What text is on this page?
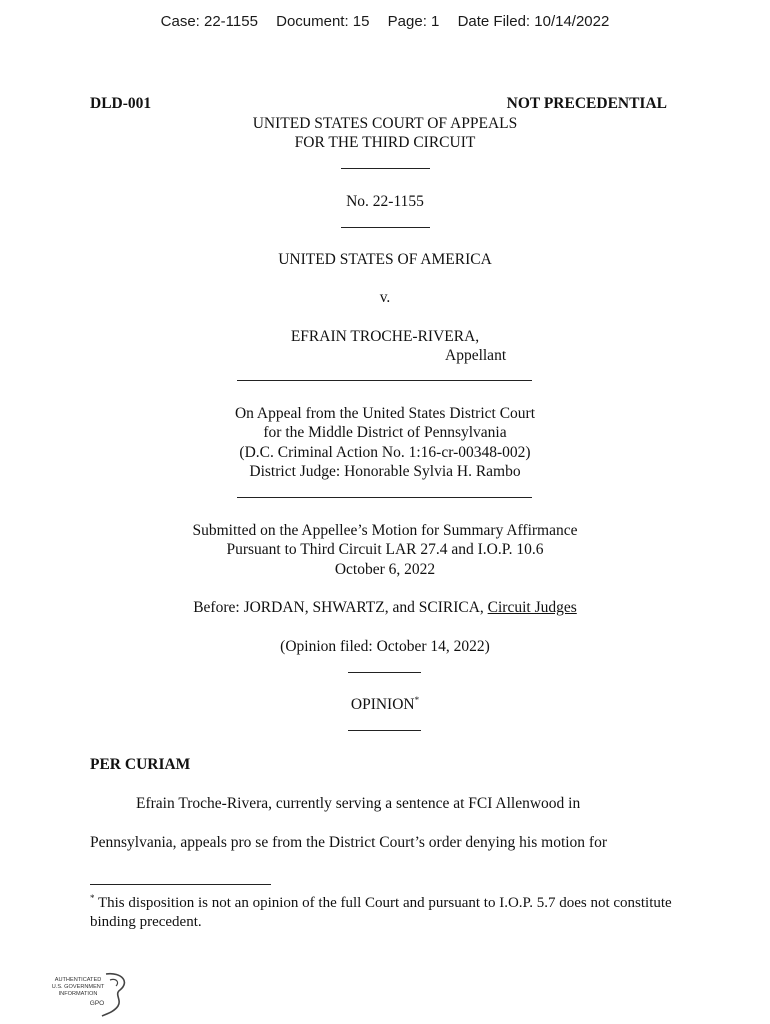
Case: 22-1155 Document: 15 Page: 1 Date Filed: 10/14/2022
DLD-001	NOT PRECEDENTIAL
UNITED STATES COURT OF APPEALS
FOR THE THIRD CIRCUIT
No. 22-1155
UNITED STATES OF AMERICA
v.
EFRAIN TROCHE-RIVERA,
Appellant
On Appeal from the United States District Court
for the Middle District of Pennsylvania
(D.C. Criminal Action No. 1:16-cr-00348-002)
District Judge: Honorable Sylvia H. Rambo
Submitted on the Appellee’s Motion for Summary Affirmance
Pursuant to Third Circuit LAR 27.4 and I.O.P. 10.6
October 6, 2022
Before: JORDAN, SHWARTZ, and SCIRICA, Circuit Judges
(Opinion filed: October 14, 2022)
OPINION*
PER CURIAM
Efrain Troche-Rivera, currently serving a sentence at FCI Allenwood in
Pennsylvania, appeals pro se from the District Court’s order denying his motion for
* This disposition is not an opinion of the full Court and pursuant to I.O.P. 5.7 does not constitute binding precedent.
AUTHENTICATED
U.S. GOVERNMENT
INFORMATION
GPO
